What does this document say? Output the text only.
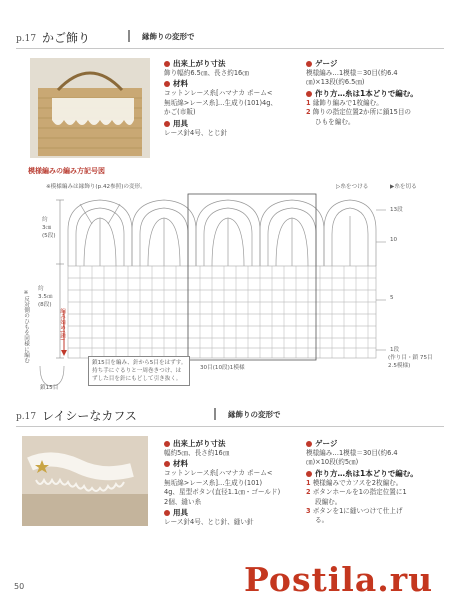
p.17 かご飾り	縁飾りの変形で
出来上がり寸法
飾り幅約6.5㎝、長さ約16㎝
材料
コットンレース糸[ハマナカ ポーム<
無垢綿>レース糸]…生成り(101)4g、
かご(市販)
用具
レース針4号、とじ針
ゲージ
模様編み…1模様＝30目(約6.4
㎝)×13段(約6.5㎝)
作り方…糸は1本どりで編む。
1 縁飾り編みで1枚編む。
2 飾りの指定位置2か所に鎖15目の
ひもを編む。
模様編みの編み方記号図
※模様編みは縁飾り(p.42参照)の変形。	▷糸をつける	▶糸を切る
約
3㎝
(5段)
約
3.5㎝
(8段)
※反対側のひもを同様に編む
編み始め(鎖)
13段
10
5
1段
(作り目・鎖 75目
2.5模様)
30目(10段)1模様
鎖15目を編み、針から5目をはずす。
持ち手にぐるりと一周巻きつけ、は
ずした目を針にもどして引き抜く。
鎖15目
p.17 レイシーなカフス	縁飾りの変形で
出来上がり寸法
幅約5㎝、長さ約16㎝
材料
コットンレース糸[ハマナカ ポーム<
無垢綿>レース糸]…生成り(101)
4g、星型ボタン(直径1.1㎝・ゴールド)
2個、縫い糸
用具
レース針4号、とじ針、縫い針
ゲージ
模様編み…1模様＝30目(約6.4
㎝)×10段(約5㎝)
作り方…糸は1本どりで編む。
1 模様編みでカフスを2枚編む。
2 ボタンホールを1の指定位置に1
段編む。
3 ボタンを1に縫いつけて仕上げ
る。
50	Postila.ru
